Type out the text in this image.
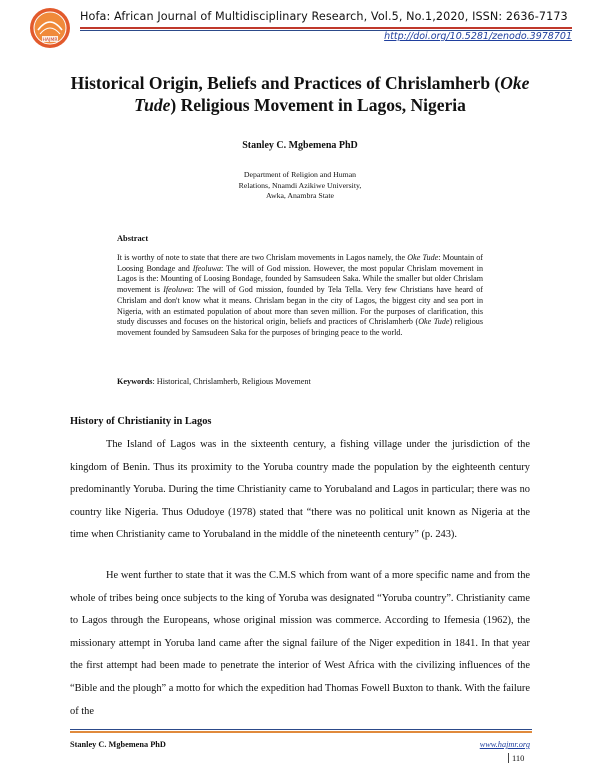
HAJMR
Hofa: African Journal of Multidisciplinary Research, Vol.5, No.1,2020, ISSN: 2636-7173
http://doi.org/10.5281/zenodo.3978701
Historical Origin, Beliefs and Practices of Chrislamherb (Oke Tude) Religious Movement in Lagos, Nigeria
Stanley C. Mgbemena PhD
Department of Religion and Human
Relations, Nnamdi Azikiwe University,
Awka, Anambra State
Abstract

It is worthy of note to state that there are two Chrislam movements in Lagos namely, the Oke Tude: Mountain of Loosing Bondage and Ifeoluwa: The will of God mission. However, the most popular Chrislam movement in Lagos is the: Mounting of Loosing Bondage, founded by Samsudeen Saka. While the smaller but older Chrislam movement is Ifeoluwa: The will of God mission, founded by Tela Tella. Very few Christians have heard of Chrislam and don't know what it means. Chrislam began in the city of Lagos, the biggest city and sea port in Nigeria, with an estimated population of about more than seven million. For the purposes of clarification, this study discusses and focuses on the historical origin, beliefs and practices of Chrislamherb (Oke Tude) religious movement founded by Samsudeen Saka for the purposes of bringing peace to the world.

Keywords: Historical, Chrislamherb, Religious Movement
History of Christianity in Lagos

The Island of Lagos was in the sixteenth century, a fishing village under the jurisdiction of the kingdom of Benin. Thus its proximity to the Yoruba country made the population by the eighteenth century predominantly Yoruba. During the time Christianity came to Yorubaland and Lagos in particular; there was no country like Nigeria. Thus Odudoye (1978) stated that “there was no political unit known as Nigeria at the time when Christianity came to Yorubaland in the middle of the nineteenth century” (p. 243).

He went further to state that it was the C.M.S which from want of a more specific name and from the whole of tribes being once subjects to the king of Yoruba was designated “Yoruba country”. Christianity came to Lagos through the Europeans, whose original mission was commerce. According to Ifemesia (1962), the missionary attempt in Yoruba land came after the signal failure of the Niger expedition in 1841. In that year the first attempt had been made to penetrate the interior of West Africa with the civilizing influences of the “Bible and the plough” a motto for which the expedition had Thomas Fowell Buxton to thank. With the failure of the

Stanley C. Mgbemena PhD	www.hajmr.org
110
